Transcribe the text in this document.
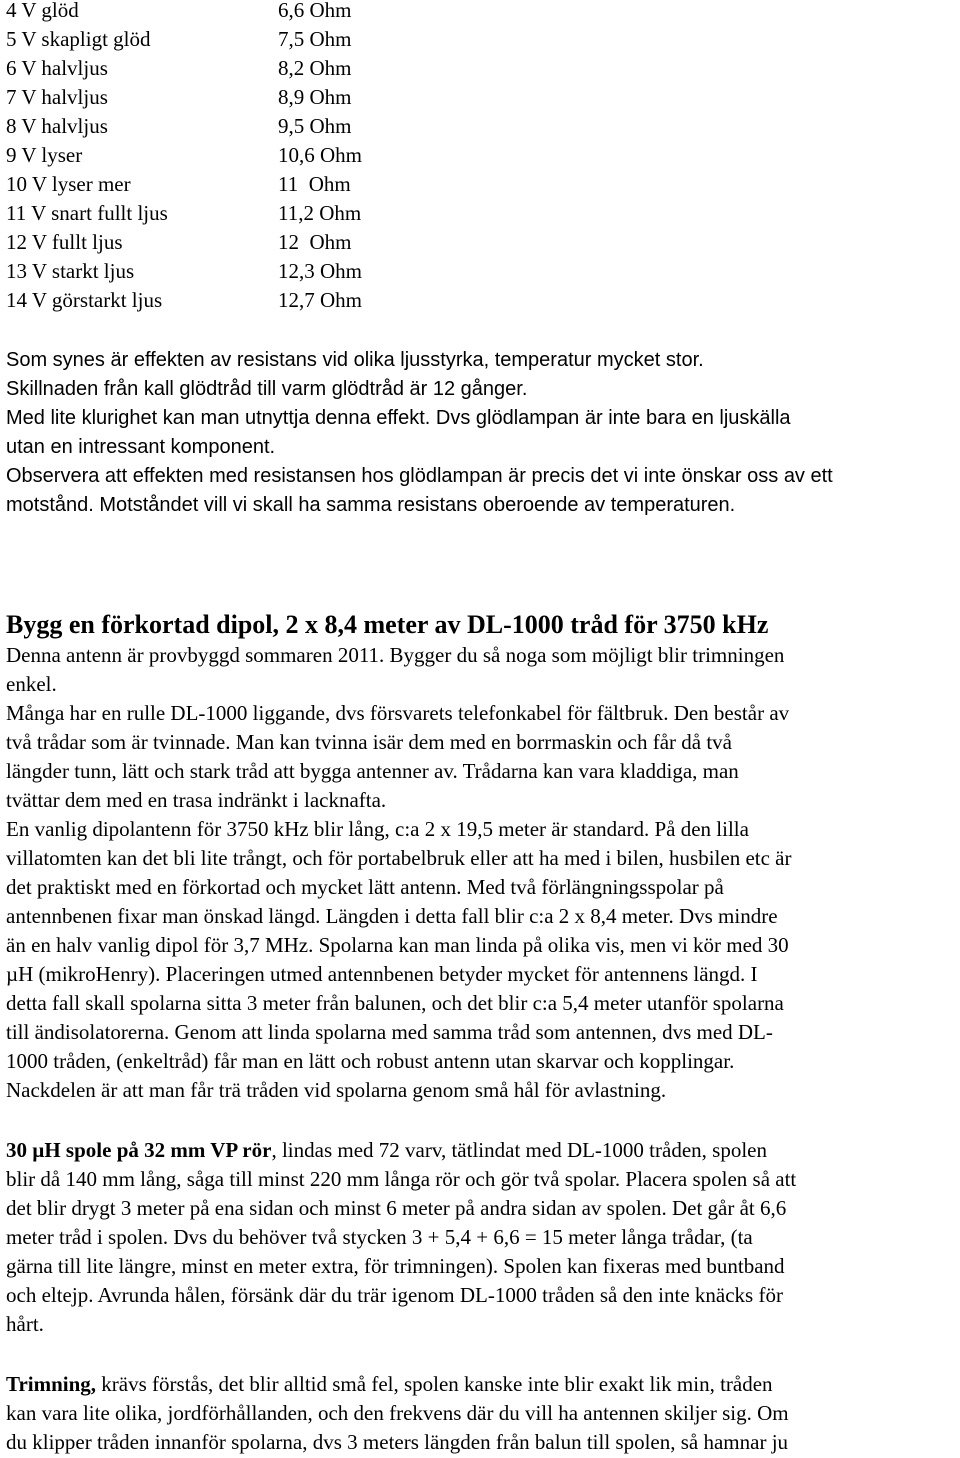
4 V glöd	6,6 Ohm
5 V skapligt glöd	7,5 Ohm
6 V halvljus	8,2 Ohm
7 V halvljus	8,9 Ohm
8 V halvljus	9,5 Ohm
9 V lyser	10,6 Ohm
10 V lyser mer	11  Ohm
11 V snart fullt ljus	11,2 Ohm
12 V fullt ljus	12  Ohm
13 V starkt ljus	12,3 Ohm
14 V görstarkt ljus	12,7 Ohm
Som synes är effekten av resistans vid olika ljusstyrka, temperatur mycket stor.
Skillnaden från kall glödtråd till varm glödtråd är 12 gånger.
Med lite klurighet kan man utnyttja denna effekt. Dvs glödlampan är inte bara en ljuskälla
utan en intressant komponent.
Observera att effekten med resistansen hos glödlampan är precis det vi inte önskar oss av ett
motstånd. Motståndet vill vi skall ha samma resistans oberoende av temperaturen.
Bygg en förkortad dipol, 2 x 8,4 meter av DL-1000 tråd för 3750 kHz
Denna antenn är provbyggd sommaren 2011. Bygger du så noga som möjligt blir trimningen
enkel.
Många har en rulle DL-1000 liggande, dvs försvarets telefonkabel för fältbruk. Den består av
två trådar som är tvinnade. Man kan tvinna isär dem med en borrmaskin och får då två
längder tunn, lätt och stark tråd att bygga antenner av. Trådarna kan vara kladdiga, man
tvättar dem med en trasa indränkt i lacknafta.
En vanlig dipolantenn för 3750 kHz blir lång, c:a 2 x 19,5 meter är standard. På den lilla
villatomten kan det bli lite trångt, och för portabelbruk eller att ha med i bilen, husbilen etc är
det praktiskt med en förkortad och mycket lätt antenn. Med två förlängningsspolar på
antennbenen fixar man önskad längd. Längden i detta fall blir c:a 2 x 8,4 meter. Dvs mindre
än en halv vanlig dipol för 3,7 MHz. Spolarna kan man linda på olika vis, men vi kör med 30
µH (mikroHenry). Placeringen utmed antennbenen betyder mycket för antennens längd. I
detta fall skall spolarna sitta 3 meter från balunen, och det blir c:a 5,4 meter utanför spolarna
till ändisolatorerna. Genom att linda spolarna med samma tråd som antennen, dvs med DL-
1000 tråden, (enkeltråd) får man en lätt och robust antenn utan skarvar och kopplingar.
Nackdelen är att man får trä tråden vid spolarna genom små hål för avlastning.
30 µH spole på 32 mm VP rör, lindas med 72 varv, tätlindat med DL-1000 tråden, spolen
blir då 140 mm lång, såga till minst 220 mm långa rör och gör två spolar. Placera spolen så att
det blir drygt 3 meter på ena sidan och minst 6 meter på andra sidan av spolen. Det går åt 6,6
meter tråd i spolen. Dvs du behöver två stycken 3 + 5,4 + 6,6 = 15 meter långa trådar, (ta
gärna till lite längre, minst en meter extra, för trimningen). Spolen kan fixeras med buntband
och eltejp. Avrunda hålen, försänk där du trär igenom DL-1000 tråden så den inte knäcks för
hårt.
Trimning, krävs förstås, det blir alltid små fel, spolen kanske inte blir exakt lik min, tråden
kan vara lite olika, jordförhållanden, och den frekvens där du vill ha antennen skiljer sig. Om
du klipper tråden innanför spolarna, dvs 3 meters längden från balun till spolen, så hamnar ju
